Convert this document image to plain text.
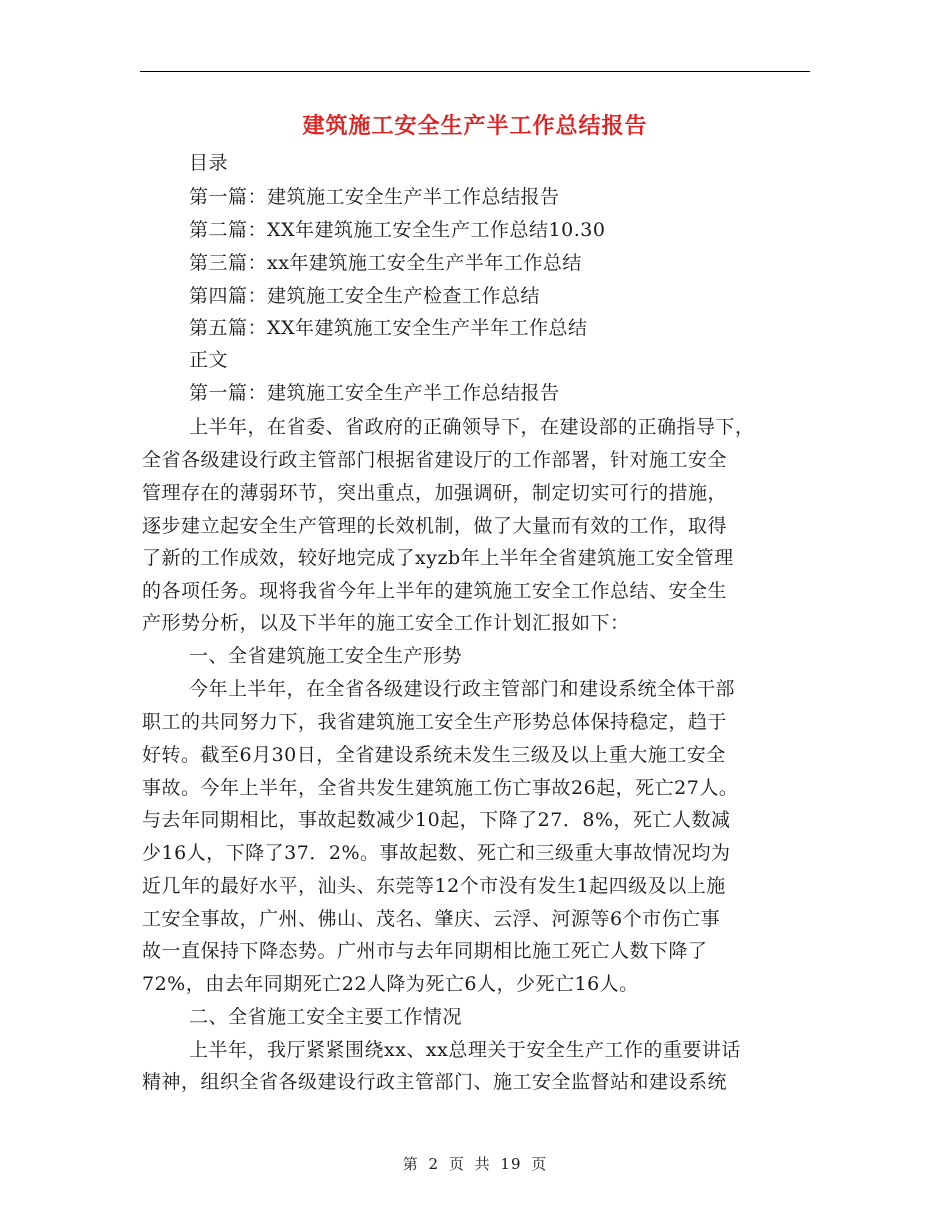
建筑施工安全生产半工作总结报告
目录
第一篇：建筑施工安全生产半工作总结报告
第二篇：XX年建筑施工安全生产工作总结10.30
第三篇：xx年建筑施工安全生产半年工作总结
第四篇：建筑施工安全生产检查工作总结
第五篇：XX年建筑施工安全生产半年工作总结
正文
第一篇：建筑施工安全生产半工作总结报告
上半年，在省委、省政府的正确领导下，在建设部的正确指导下，
全省各级建设行政主管部门根据省建设厅的工作部署，针对施工安全
管理存在的薄弱环节，突出重点，加强调研，制定切实可行的措施，
逐步建立起安全生产管理的长效机制，做了大量而有效的工作，取得
了新的工作成效，较好地完成了xyzb年上半年全省建筑施工安全管理
的各项任务。现将我省今年上半年的建筑施工安全工作总结、安全生
产形势分析，以及下半年的施工安全工作计划汇报如下：
一、全省建筑施工安全生产形势
今年上半年，在全省各级建设行政主管部门和建设系统全体干部
职工的共同努力下，我省建筑施工安全生产形势总体保持稳定，趋于
好转。截至6月30日，全省建设系统未发生三级及以上重大施工安全
事故。今年上半年，全省共发生建筑施工伤亡事故26起，死亡27人。
与去年同期相比，事故起数减少10起，下降了27．8%，死亡人数减
少16人，下降了37．2%。事故起数、死亡和三级重大事故情况均为
近几年的最好水平，汕头、东莞等12个市没有发生1起四级及以上施
工安全事故，广州、佛山、茂名、肇庆、云浮、河源等6个市伤亡事
故一直保持下降态势。广州市与去年同期相比施工死亡人数下降了
72%，由去年同期死亡22人降为死亡6人，少死亡16人。
二、全省施工安全主要工作情况
上半年，我厅紧紧围绕xx、xx总理关于安全生产工作的重要讲话
精神，组织全省各级建设行政主管部门、施工安全监督站和建设系统
第 2 页 共 19 页
